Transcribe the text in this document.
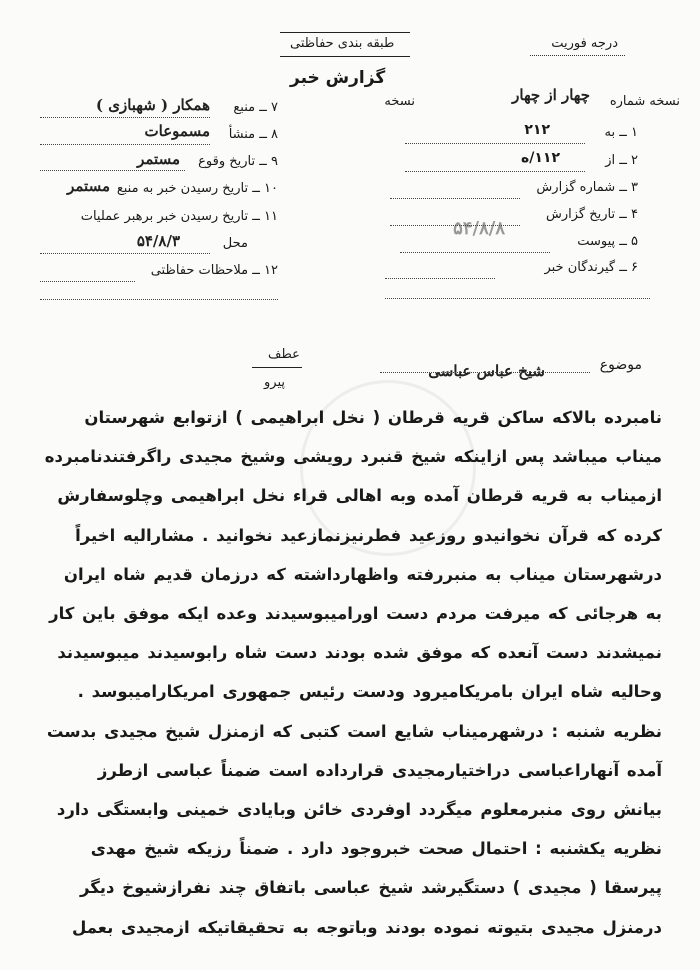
درجه فوریت
طبقه بندی حفاظتی
گزارش خبر
نسخه شماره
چهار از چهار
نسخه
۱ ــ به
۲۱۲
۲ ــ از
۱۱۲/ه
۳ ــ شماره گزارش
۴ ــ تاریخ گزارش
۵۴/۸/۸
۵ ــ پیوست
۶ ــ گیرندگان خبر
۷ ــ منبع
همکار ( شهبازی )
۸ ــ منشأ
مسموعات
۹ ــ تاریخ وقوع
مستمر
۱۰ ــ تاریخ رسیدن خبر به منبع
مستمر
۱۱ ــ تاریخ رسیدن خبر برهبر عملیات
محل
۵۴/۸/۳
۱۲ ــ ملاحظات حفاظتی
عطف
پیرو
موضوع
شیخ عباس عباسی

نامبرده بالاکه ساکن قریه قرطان ( نخل ابراهیمی ) ازتوابع شهرستان

میناب میباشد پس ازاینکه شیخ قنبرد رویشی وشیخ مجیدی راگرفتندنامبرده

ازمیناب به قریه قرطان آمده وبه اهالی قراء نخل ابراهیمی وچلوسفارش

کرده که قرآن نخوانیدو روزعید فطرنیزنمازعید نخوانید . مشارالیه اخیراً

درشهرستان میناب به منبررفته واظهارداشته که درزمان قدیم شاه ایران

به هرجائی که میرفت مردم دست اورامیبوسیدند وعده ایکه موفق باین کار

نمیشدند دست آنعده که موفق شده بودند دست شاه رابوسیدند میبوسیدند

وحالیه شاه ایران بامریکامیرود ودست رئیس جمهوری امریکارامیبوسد .

نظریه شنبه : درشهرمیناب شایع است کتبی که ازمنزل شیخ مجیدی بدست

آمده آنهاراعباسی دراختیارمجیدی قرارداده است ضمناً عباسی ازطرز

بیانش روی منبرمعلوم میگردد اوفردی خائن وبایادی خمینی وابستگی دارد

نظریه یکشنبه : احتمال صحت خبروجود دارد . ضمناً رزیکه شیخ مهدی

پیرسقا ( مجیدی ) دستگیرشد شیخ عباسی باتفاق چند نفرازشیوخ دیگر

درمنزل مجیدی بتیوته نموده بودند وباتوجه به تحقیقاتیکه ازمجیدی بعمل
